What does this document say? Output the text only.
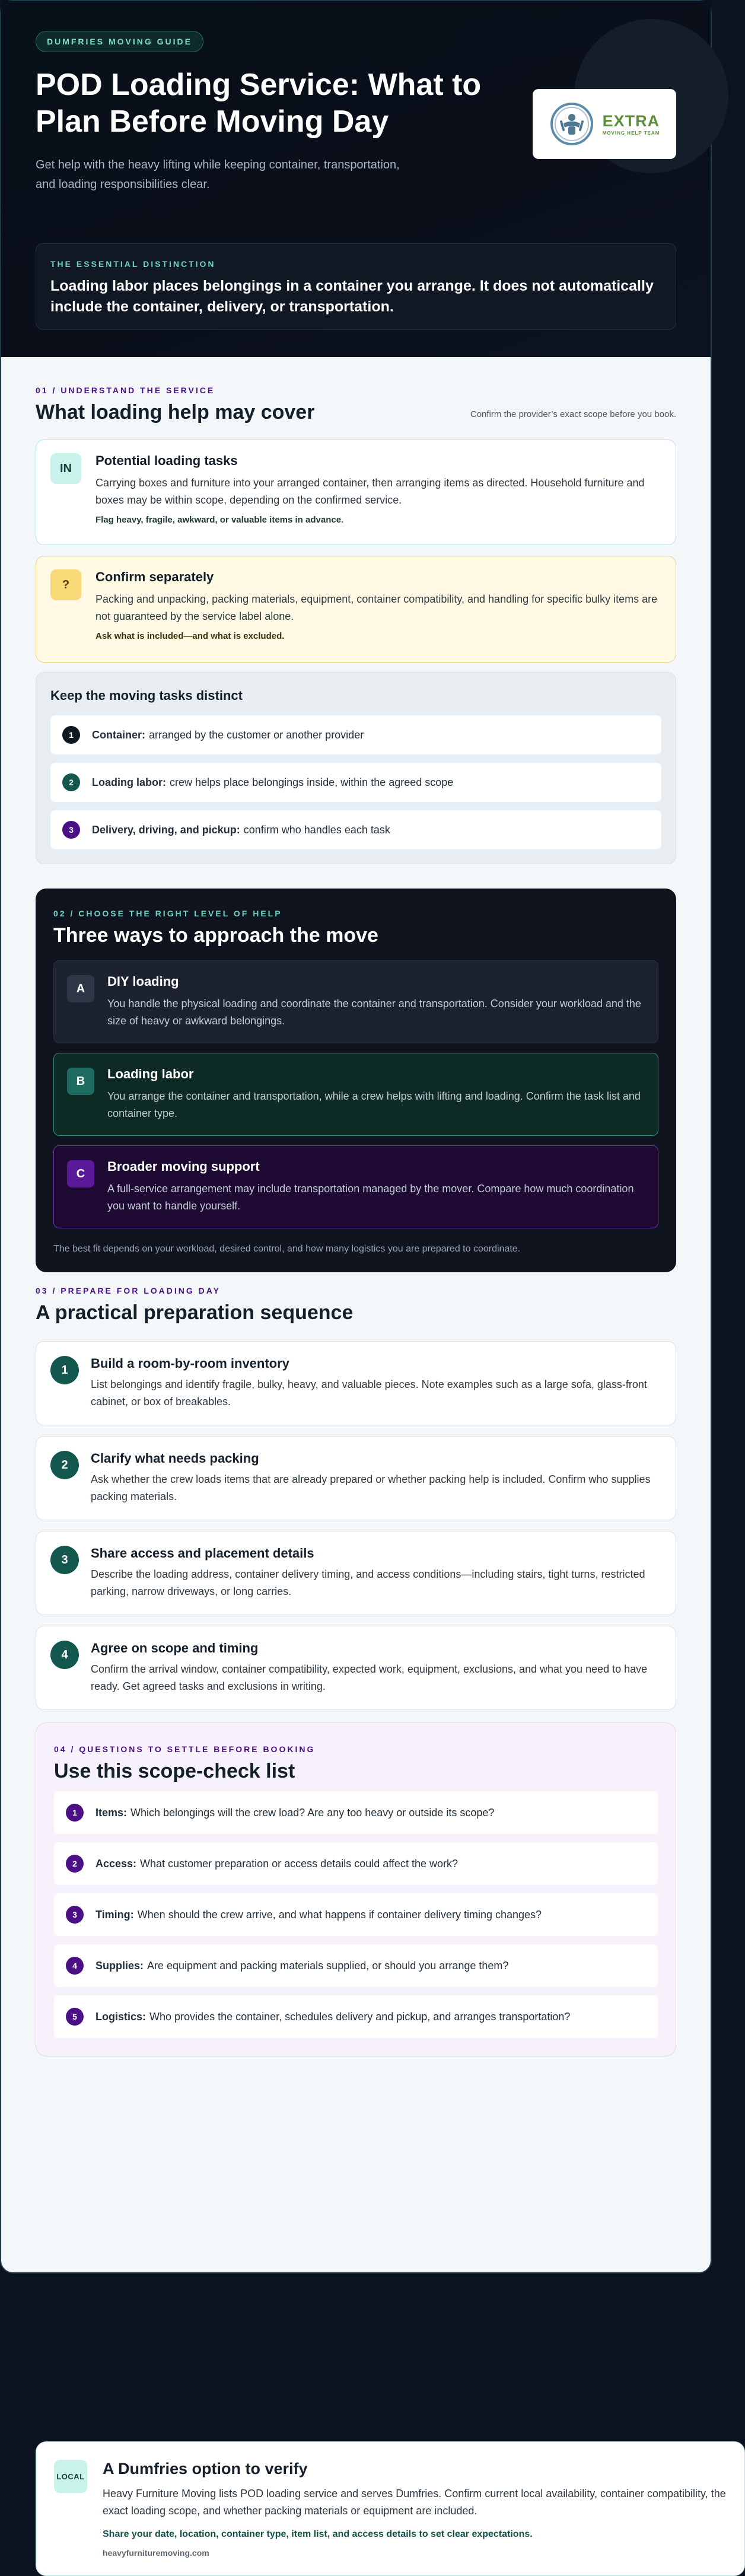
DUMFRIES MOVING GUIDE
POD Loading Service: What to Plan Before Moving Day

Get help with the heavy lifting while keeping container, transportation, and loading responsibilities clear.

EXTRA
MOVING HELP TEAM
THE ESSENTIAL DISTINCTION
Loading labor places belongings in a container you arrange. It does not automatically include the container, delivery, or transportation.
01 / UNDERSTAND THE SERVICE
What loading help may cover	Confirm the provider’s exact scope before you book.
IN
Potential loading tasks
Carrying boxes and furniture into your arranged container, then arranging items as directed. Household furniture and boxes may be within scope, depending on the confirmed service.
Flag heavy, fragile, awkward, or valuable items in advance.
?
Confirm separately
Packing and unpacking, packing materials, equipment, container compatibility, and handling for specific bulky items are not guaranteed by the service label alone.
Ask what is included—and what is excluded.
Keep the moving tasks distinct
1	Container: arranged by the customer or another provider
2	Loading labor: crew helps place belongings inside, within the agreed scope
3	Delivery, driving, and pickup: confirm who handles each task
02 / CHOOSE THE RIGHT LEVEL OF HELP
Three ways to approach the move
A	DIY loading
You handle the physical loading and coordinate the container and transportation. Consider your workload and the size of heavy or awkward belongings.
B	Loading labor
You arrange the container and transportation, while a crew helps with lifting and loading. Confirm the task list and container type.
C	Broader moving support
A full-service arrangement may include transportation managed by the mover. Compare how much coordination you want to handle yourself.
The best fit depends on your workload, desired control, and how many logistics you are prepared to coordinate.
03 / PREPARE FOR LOADING DAY
A practical preparation sequence
1	Build a room-by-room inventory
List belongings and identify fragile, bulky, heavy, and valuable pieces. Note examples such as a large sofa, glass-front cabinet, or box of breakables.
2	Clarify what needs packing
Ask whether the crew loads items that are already prepared or whether packing help is included. Confirm who supplies packing materials.
3	Share access and placement details
Describe the loading address, container delivery timing, and access conditions—including stairs, tight turns, restricted parking, narrow driveways, or long carries.
4	Agree on scope and timing
Confirm the arrival window, container compatibility, expected work, equipment, exclusions, and what you need to have ready. Get agreed tasks and exclusions in writing.
04 / QUESTIONS TO SETTLE BEFORE BOOKING
Use this scope-check list
1	Items: Which belongings will the crew load? Are any too heavy or outside its scope?
2	Access: What customer preparation or access details could affect the work?
3	Timing: When should the crew arrive, and what happens if container delivery timing changes?
4	Supplies: Are equipment and packing materials supplied, or should you arrange them?
5	Logistics: Who provides the container, schedules delivery and pickup, and arranges transportation?
LOCAL A Dumfries option to verify
Heavy Furniture Moving lists POD loading service and serves Dumfries. Confirm current local availability, container compatibility, the exact loading scope, and whether packing materials or equipment are included.
Share your date, location, container type, item list, and access details to set clear expectations.
heavyfurnituremoving.com
